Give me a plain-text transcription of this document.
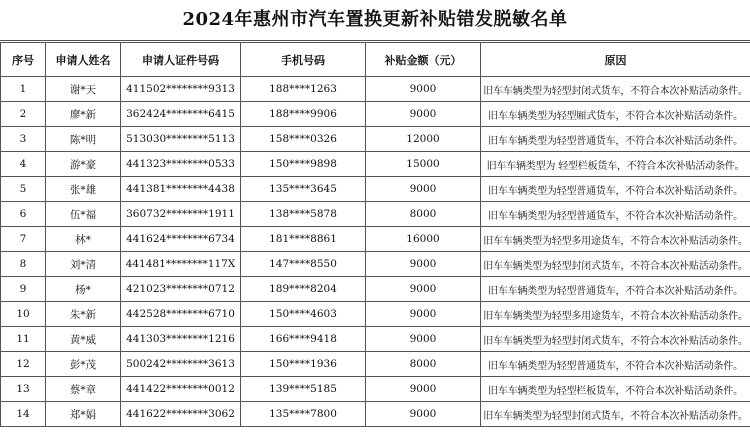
2024年惠州市汽车置换更新补贴错发脱敏名单
序号	申请人姓名	申请人证件号码	手机号码	补贴金额（元）	原因
1	谢*天	411502********9313	188****1263	9000	旧车车辆类型为轻型封闭式货车，不符合本次补贴活动条件。
2	廖*新	362424********6415	188****9906	9000	旧车车辆类型为轻型厢式货车，不符合本次补贴活动条件。
3	陈*明	513030********5113	158****0326	12000	旧车车辆类型为轻型普通货车，不符合本次补贴活动条件。
4	游*豪	441323********0533	150****9898	15000	旧车车辆类型为 轻型栏板货车，不符合本次补贴活动条件。
5	张*雄	441381********4438	135****3645	9000	旧车车辆类型为轻型普通货车，不符合本次补贴活动条件。
6	伍*福	360732********1911	138****5878	8000	旧车车辆类型为轻型普通货车，不符合本次补贴活动条件。
7	林*	441624********6734	181****8861	16000	旧车车辆类型为轻型多用途货车，不符合本次补贴活动条件。
8	刘*清	441481********117X	147****8550	9000	旧车车辆类型为轻型封闭式货车，不符合本次补贴活动条件。
9	杨*	421023********0712	189****8204	9000	旧车车辆类型为轻型普通货车，不符合本次补贴活动条件。
10	朱*新	442528********6710	150****4603	9000	旧车车辆类型为轻型多用途货车，不符合本次补贴活动条件。
11	黄*威	441303********1216	166****9418	9000	旧车车辆类型为轻型封闭式货车，不符合本次补贴活动条件。
12	彭*茂	500242********3613	150****1936	8000	旧车车辆类型为轻型普通货车，不符合本次补贴活动条件。
13	蔡*章	441422********0012	139****5185	9000	旧车车辆类型为轻型栏板货车，不符合本次补贴活动条件。
14	郑*娟	441622********3062	135****7800	9000	旧车车辆类型为轻型封闭式货车，不符合本次补贴活动条件。
